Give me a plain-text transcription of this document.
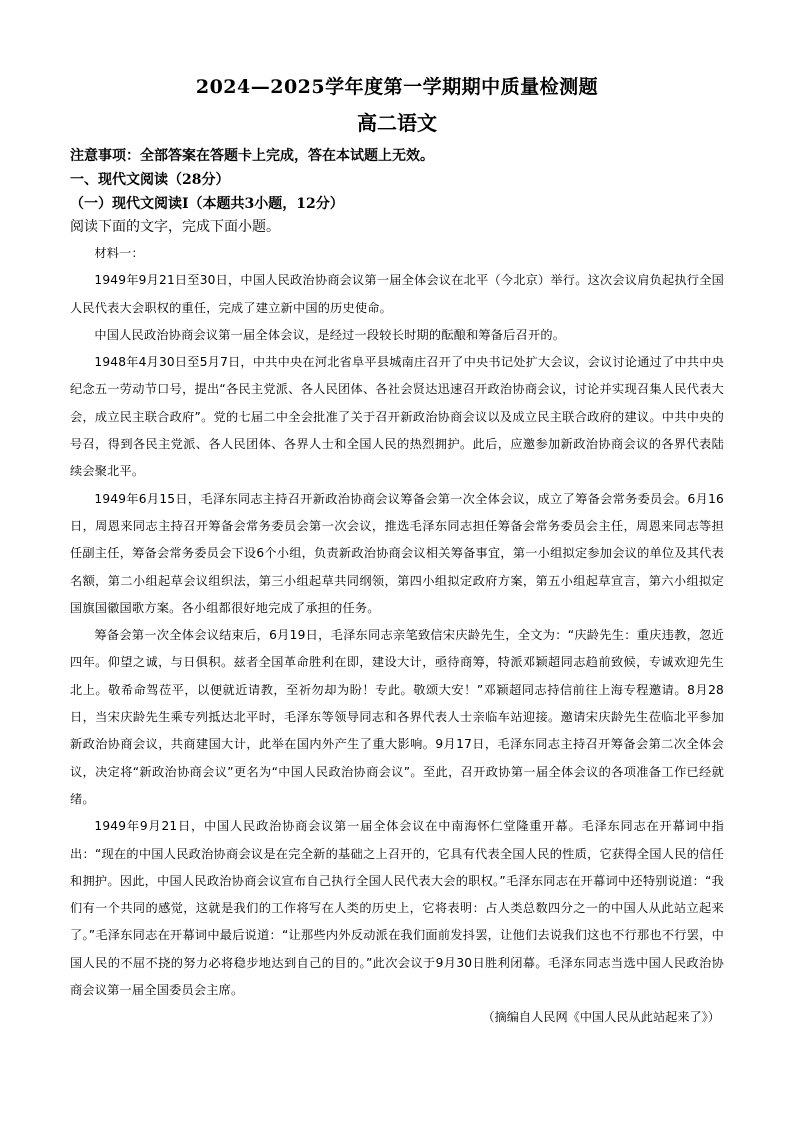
2024—2025学年度第一学期期中质量检测题
高二语文
注意事项：全部答案在答题卡上完成，答在本试题上无效。
一、现代文阅读（28分）
（一）现代文阅读Ⅰ（本题共3小题，12分）
阅读下面的文字，完成下面小题。

材料一：

1949年9月21日至30日，中国人民政治协商会议第一届全体会议在北平（今北京）举行。这次会议肩负起执行全国人民代表大会职权的重任，完成了建立新中国的历史使命。

中国人民政治协商会议第一届全体会议，是经过一段较长时期的酝酿和筹备后召开的。

1948年4月30日至5月7日，中共中央在河北省阜平县城南庄召开了中央书记处扩大会议，会议讨论通过了中共中央纪念五一劳动节口号，提出“各民主党派、各人民团体、各社会贤达迅速召开政治协商会议，讨论并实现召集人民代表大会，成立民主联合政府”。党的七届二中全会批准了关于召开新政治协商会议以及成立民主联合政府的建议。中共中央的号召，得到各民主党派、各人民团体、各界人士和全国人民的热烈拥护。此后，应邀参加新政治协商会议的各界代表陆续会聚北平。

1949年6月15日，毛泽东同志主持召开新政治协商会议筹备会第一次全体会议，成立了筹备会常务委员会。6月16日，周恩来同志主持召开筹备会常务委员会第一次会议，推选毛泽东同志担任筹备会常务委员会主任，周恩来同志等担任副主任，筹备会常务委员会下设6个小组，负责新政治协商会议相关筹备事宜，第一小组拟定参加会议的单位及其代表名额，第二小组起草会议组织法，第三小组起草共同纲领，第四小组拟定政府方案，第五小组起草宣言，第六小组拟定国旗国徽国歌方案。各小组都很好地完成了承担的任务。

筹备会第一次全体会议结束后，6月19日，毛泽东同志亲笔致信宋庆龄先生，全文为：“庆龄先生：重庆违教，忽近四年。仰望之诚，与日俱积。兹者全国革命胜利在即，建设大计，亟待商筹，特派邓颖超同志趋前致候，专诚欢迎先生北上。敬希命驾莅平，以便就近请教，至祈勿却为盼！专此。敬颂大安！”邓颖超同志持信前往上海专程邀请。8月28日，当宋庆龄先生乘专列抵达北平时，毛泽东等领导同志和各界代表人士亲临车站迎接。邀请宋庆龄先生莅临北平参加新政治协商会议，共商建国大计，此举在国内外产生了重大影响。9月17日，毛泽东同志主持召开筹备会第二次全体会议，决定将“新政治协商会议”更名为“中国人民政治协商会议”。至此，召开政协第一届全体会议的各项准备工作已经就绪。

1949年9月21日，中国人民政治协商会议第一届全体会议在中南海怀仁堂隆重开幕。毛泽东同志在开幕词中指出：“现在的中国人民政治协商会议是在完全新的基础之上召开的，它具有代表全国人民的性质，它获得全国人民的信任和拥护。因此，中国人民政治协商会议宣布自己执行全国人民代表大会的职权。”毛泽东同志在开幕词中还特别说道：“我们有一个共同的感觉，这就是我们的工作将写在人类的历史上，它将表明：占人类总数四分之一的中国人从此站立起来了。”毛泽东同志在开幕词中最后说道：“让那些内外反动派在我们面前发抖罢，让他们去说我们这也不行那也不行罢，中国人民的不屈不挠的努力必将稳步地达到自己的目的。”此次会议于9月30日胜利闭幕。毛泽东同志当选中国人民政治协商会议第一届全国委员会主席。

（摘编自人民网《中国人民从此站起来了》）
